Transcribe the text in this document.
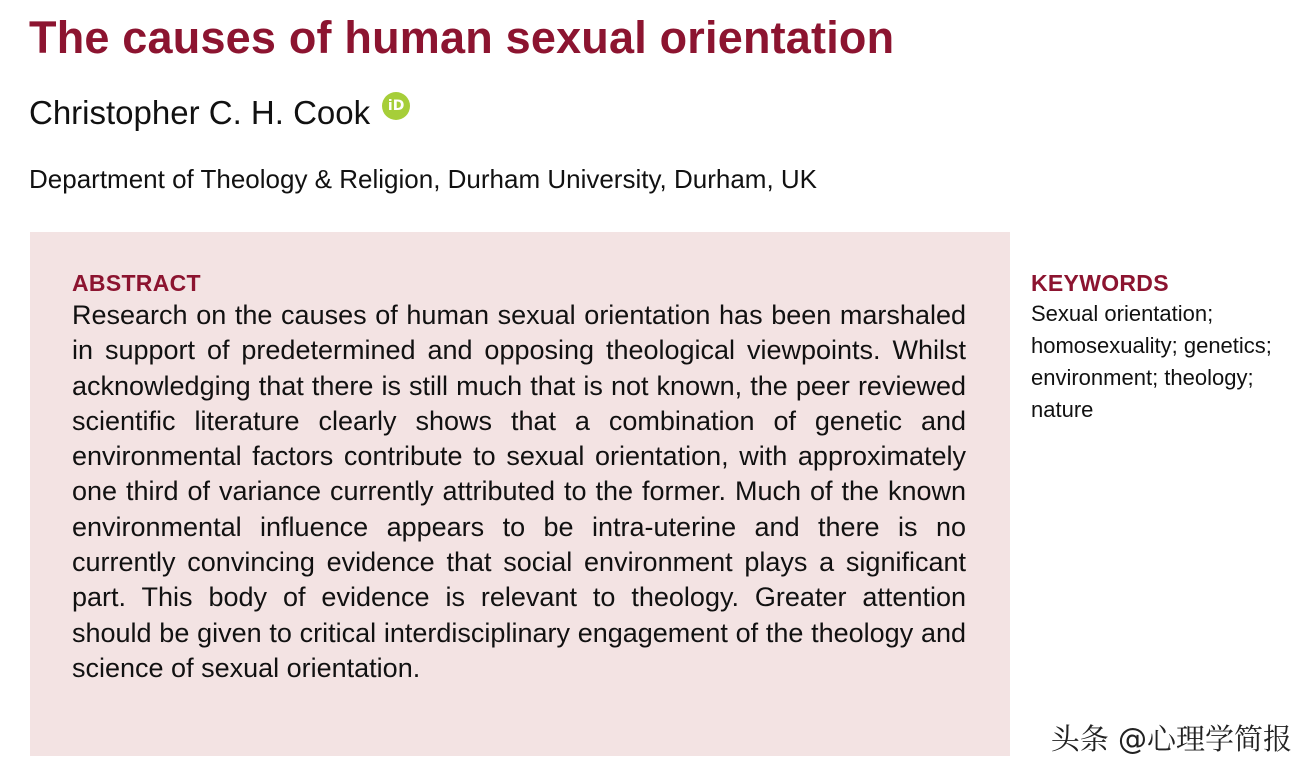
The causes of human sexual orientation
Christopher C. H. Cook	iD
Department of Theology & Religion, Durham University, Durham, UK
ABSTRACT

Research on the causes of human sexual orientation has been marshaled in support of predetermined and opposing theological viewpoints. Whilst acknowledging that there is still much that is not known, the peer reviewed scientific literature clearly shows that a combination of genetic and environmental factors contribute to sexual orientation, with approximately one third of variance currently attributed to the former. Much of the known environmental influence appears to be intra-uterine and there is no currently convincing evidence that social environment plays a significant part. This body of evidence is relevant to theology. Greater attention should be given to critical interdisciplinary engagement of the theology and science of sexual orientation.

KEYWORDS

Sexual orientation; homosexuality; genetics; environment; theology; nature

头条 @心理学简报
